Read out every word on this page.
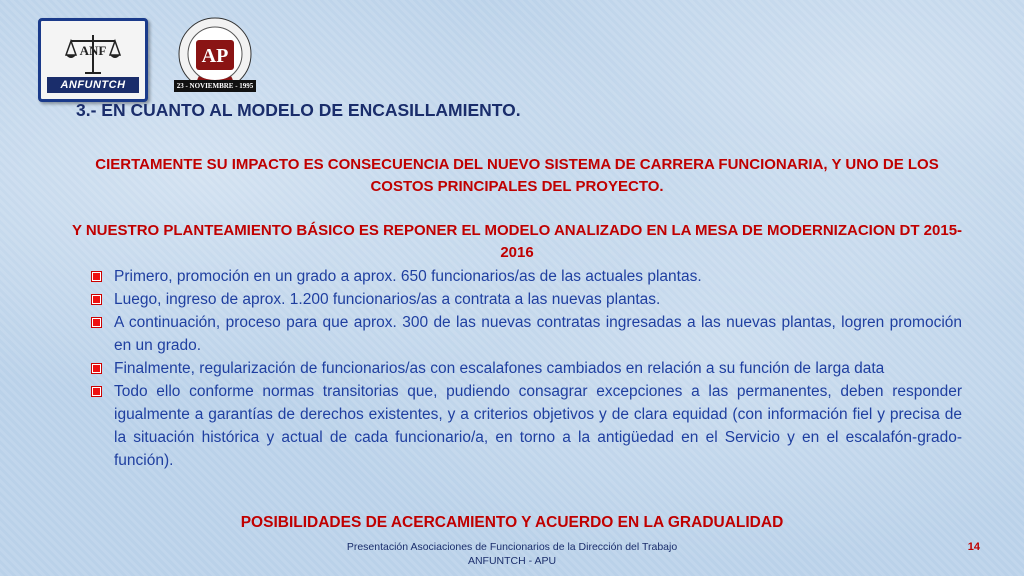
ANF
ANFUNTCH
AP
23 - NOVIEMBRE - 1995
3.- EN CUANTO AL MODELO DE ENCASILLAMIENTO.
CIERTAMENTE SU IMPACTO ES CONSECUENCIA DEL NUEVO SISTEMA DE CARRERA FUNCIONARIA, Y UNO DE LOS COSTOS PRINCIPALES DEL PROYECTO.
Y NUESTRO PLANTEAMIENTO BÁSICO ES REPONER EL MODELO ANALIZADO EN LA MESA DE MODERNIZACION DT 2015-2016
Primero, promoción en un grado a aprox. 650 funcionarios/as de las actuales plantas.
Luego, ingreso de aprox. 1.200 funcionarios/as a contrata a las nuevas plantas.
A continuación, proceso para que aprox. 300 de las nuevas contratas ingresadas a las nuevas plantas, logren promoción en un grado.
Finalmente, regularización de funcionarios/as con escalafones cambiados en relación a su función de larga data
Todo ello conforme normas transitorias que, pudiendo consagrar excepciones a las permanentes, deben responder igualmente a garantías de derechos existentes, y a criterios objetivos y de clara equidad (con información fiel y precisa de la situación histórica y actual de cada funcionario/a, en torno a la antigüedad en el Servicio y en el escalafón-grado-función).
POSIBILIDADES DE ACERCAMIENTO Y ACUERDO EN LA GRADUALIDAD
Presentación Asociaciones de Funcionarios de la Dirección del Trabajo
ANFUNTCH - APU
14
